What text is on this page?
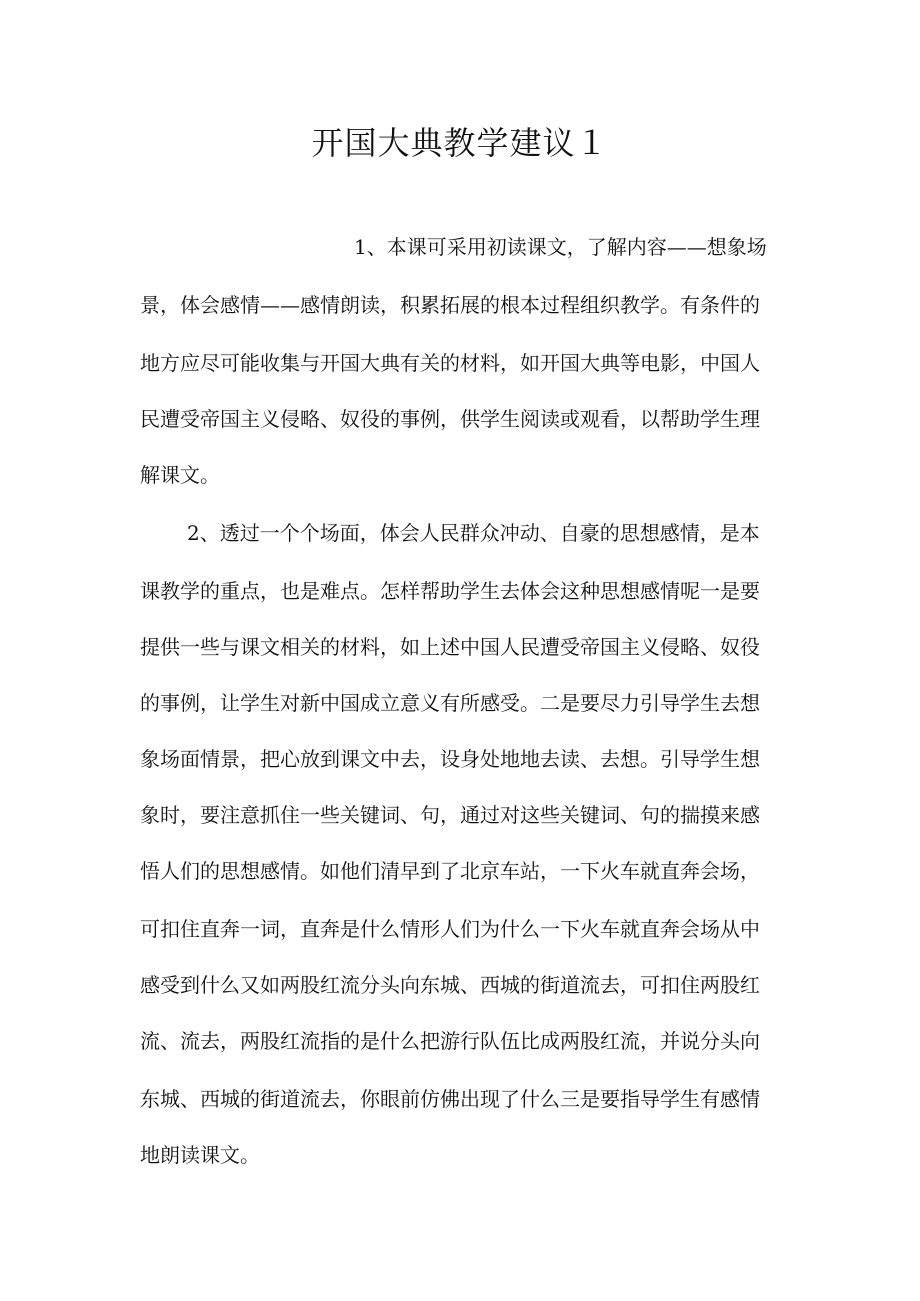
开国大典教学建议１
1、本课可采用初读课文，了解内容——想象场
景，体会感情——感情朗读，积累拓展的根本过程组织教学。有条件的
地方应尽可能收集与开国大典有关的材料，如开国大典等电影，中国人
民遭受帝国主义侵略、奴役的事例，供学生阅读或观看，以帮助学生理
解课文。
2、透过一个个场面，体会人民群众冲动、自豪的思想感情，是本
课教学的重点，也是难点。怎样帮助学生去体会这种思想感情呢一是要
提供一些与课文相关的材料，如上述中国人民遭受帝国主义侵略、奴役
的事例，让学生对新中国成立意义有所感受。二是要尽力引导学生去想
象场面情景，把心放到课文中去，设身处地地去读、去想。引导学生想
象时，要注意抓住一些关键词、句，通过对这些关键词、句的揣摸来感
悟人们的思想感情。如他们清早到了北京车站，一下火车就直奔会场，
可扣住直奔一词，直奔是什么情形人们为什么一下火车就直奔会场从中
感受到什么又如两股红流分头向东城、西城的街道流去，可扣住两股红
流、流去，两股红流指的是什么把游行队伍比成两股红流，并说分头向
东城、西城的街道流去，你眼前仿佛出现了什么三是要指导学生有感情
地朗读课文。
